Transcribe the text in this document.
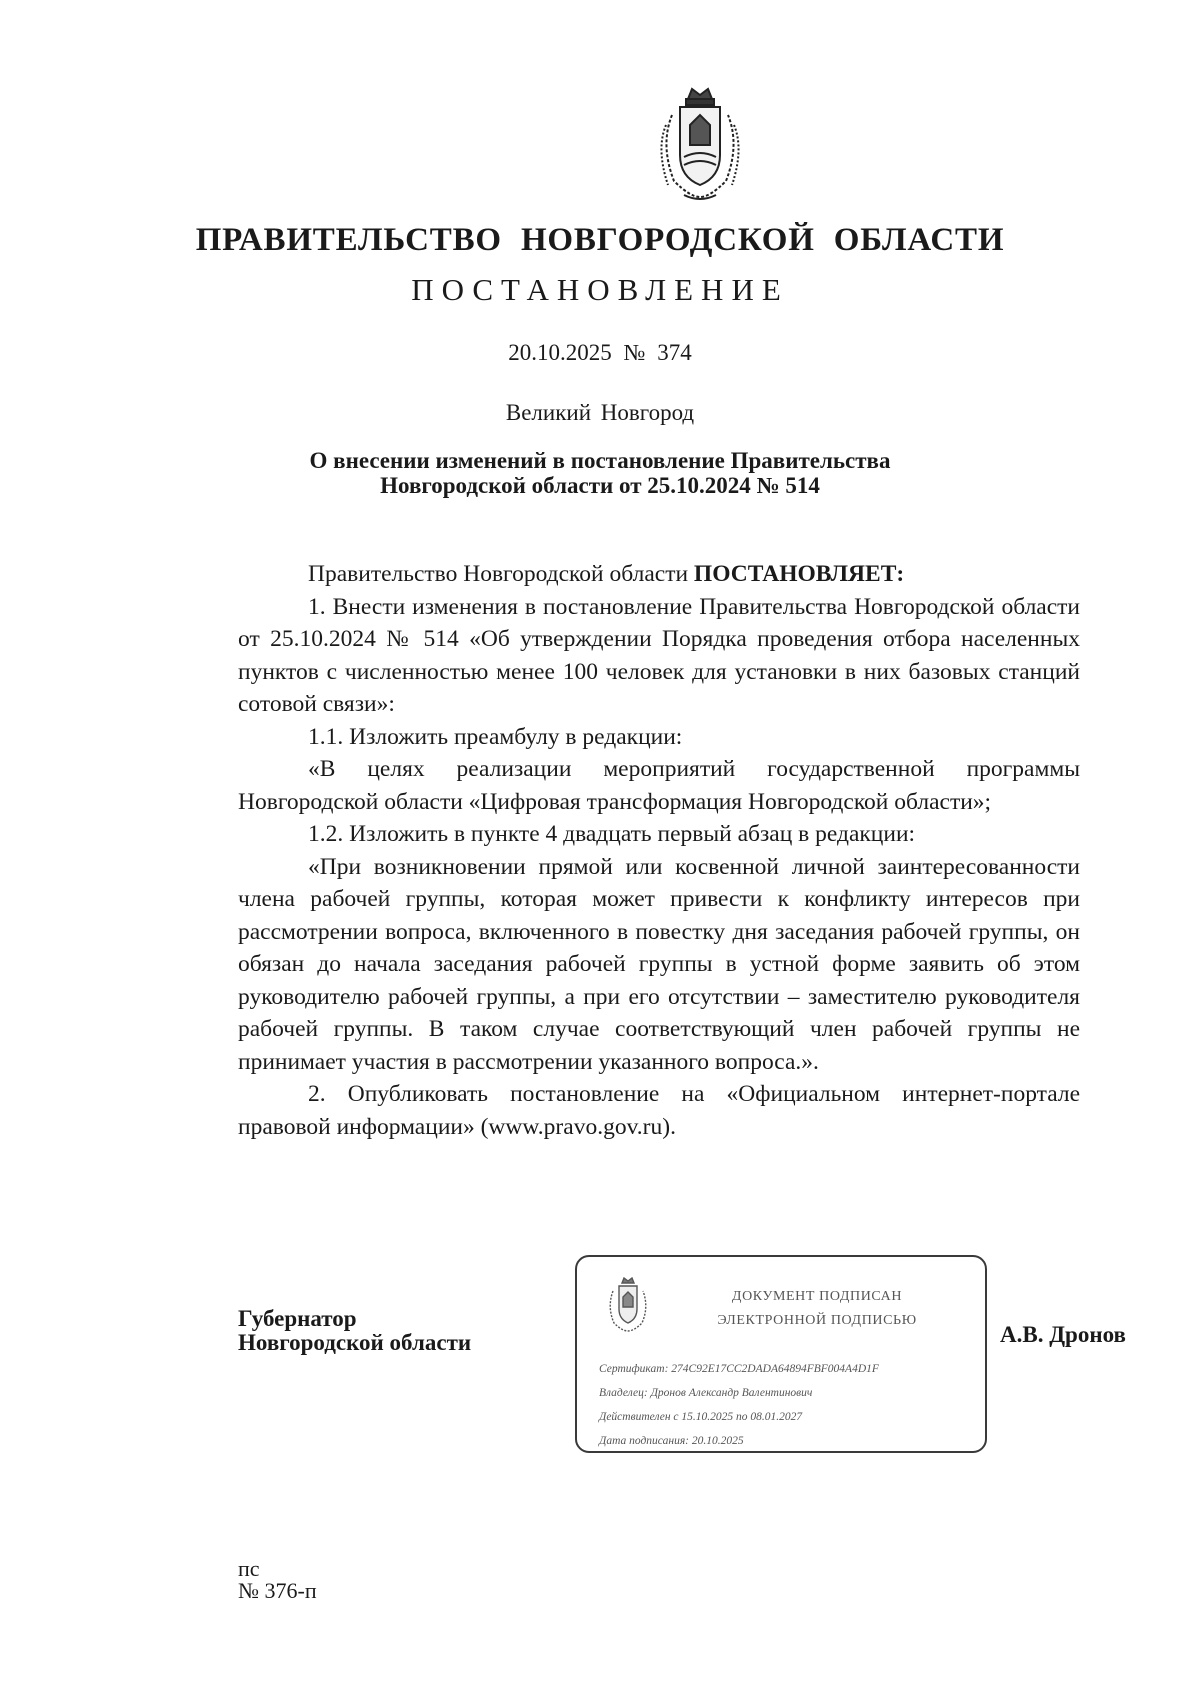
ПРАВИТЕЛЬСТВО НОВГОРОДСКОЙ ОБЛАСТИ
ПОСТАНОВЛЕНИЕ
20.10.2025 № 374
Великий Новгород
О внесении изменений в постановление Правительства
Новгородской области от 25.10.2024 № 514

Правительство Новгородской области ПОСТАНОВЛЯЕТ:

1. Внести изменения в постановление Правительства Новгородской области от 25.10.2024 № 514 «Об утверждении Порядка проведения отбора населенных пунктов с численностью менее 100 человек для установки в них базовых станций сотовой связи»:

1.1. Изложить преамбулу в редакции:

«В целях реализации мероприятий государственной программы Новгородской области «Цифровая трансформация Новгородской области»;

1.2. Изложить в пункте 4 двадцать первый абзац в редакции:

«При возникновении прямой или косвенной личной заинтересованности члена рабочей группы, которая может привести к конфликту интересов при рассмотрении вопроса, включенного в повестку дня заседания рабочей группы, он обязан до начала заседания рабочей группы в устной форме заявить об этом руководителю рабочей группы, а при его отсутствии – заместителю руководителя рабочей группы. В таком случае соответствующий член рабочей группы не принимает участия в рассмотрении указанного вопроса.».

2. Опубликовать постановление на «Официальном интернет-портале правовой информации» (www.pravo.gov.ru).

Губернатор
Новгородской области
ДОКУМЕНТ ПОДПИСАН
ЭЛЕКТРОННОЙ ПОДПИСЬЮ
Сертификат: 274C92E17CC2DADA64894FBF004A4D1F
Владелец: Дронов Александр Валентинович
Действителен с 15.10.2025 по 08.01.2027
Дата подписания: 20.10.2025
А.В. Дронов
пс
№ 376-п
